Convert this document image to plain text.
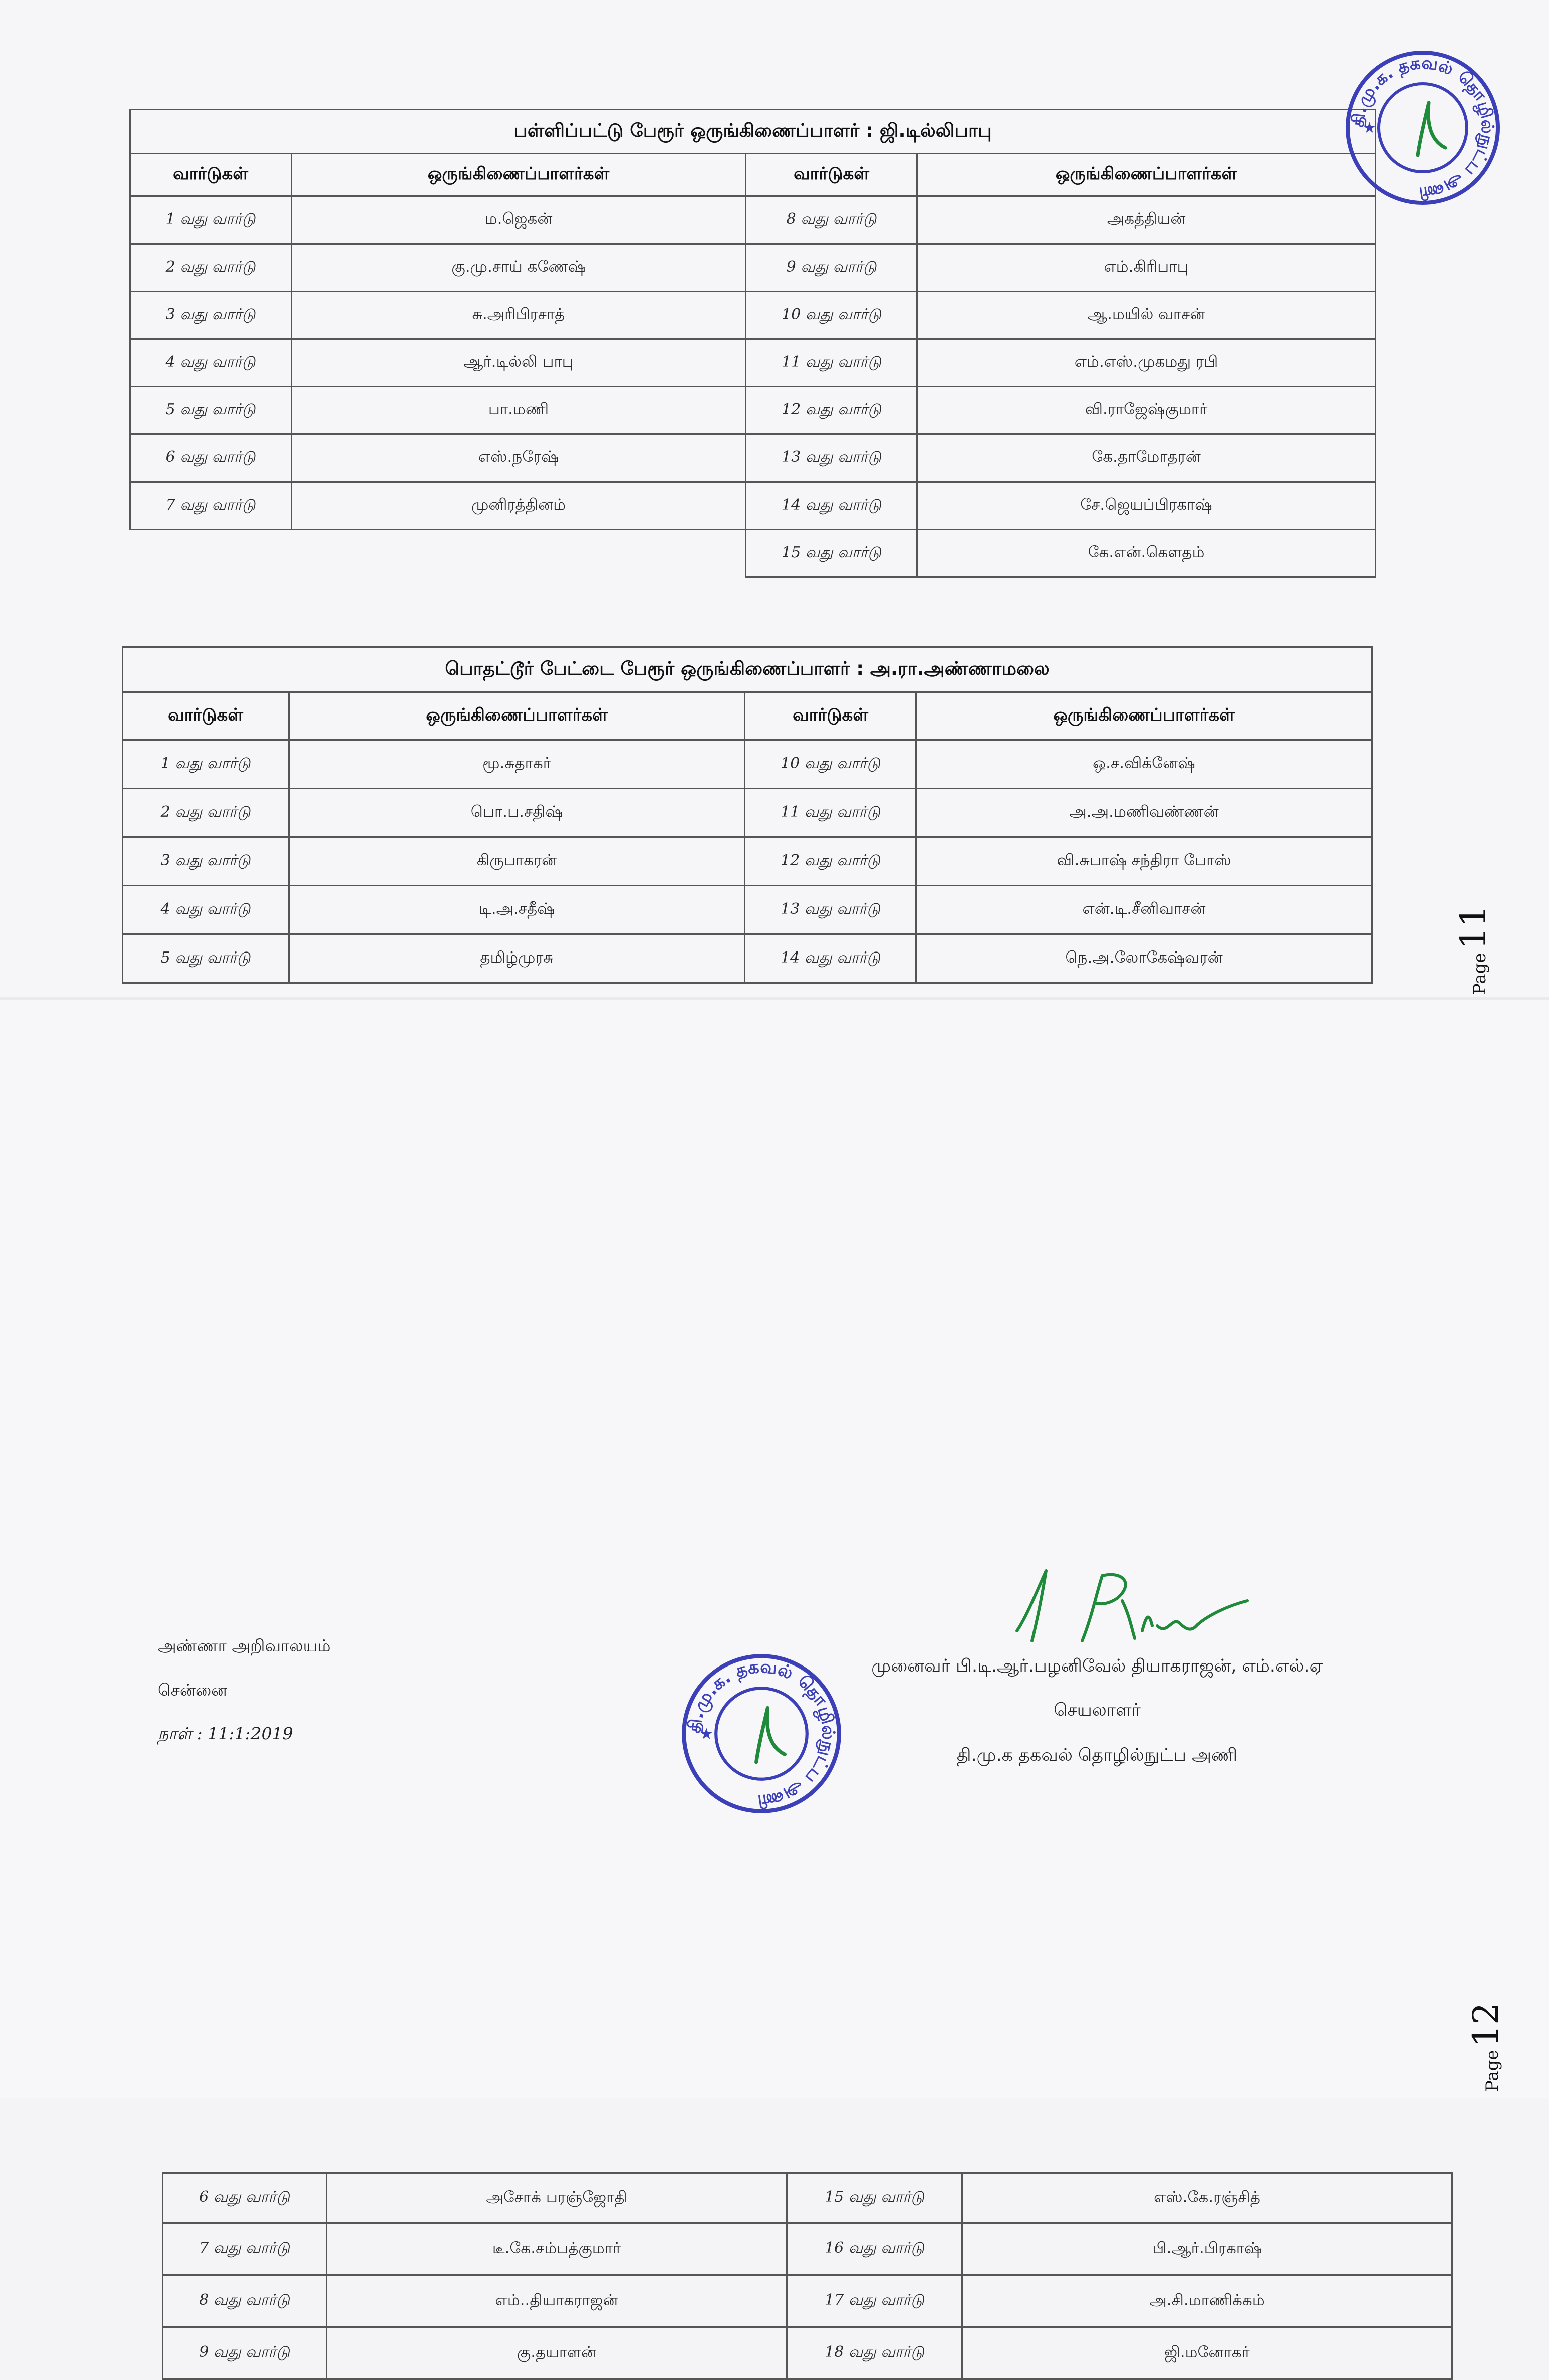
பள்ளிப்பட்டு பேரூர் ஒருங்கிணைப்பாளர் : ஜி.டில்லிபாபு			
வார்டுகள்	ஒருங்கிணைப்பாளர்கள்	வார்டுகள்	ஒருங்கிணைப்பாளர்கள்
1 வது வார்டு	ம.ஜெகன்	8 வது வார்டு	அகத்தியன்
2 வது வார்டு	கு.மு.சாய் கணேஷ்	9 வது வார்டு	எம்.கிரிபாபு
3 வது வார்டு	சு.அரிபிரசாத்	10 வது வார்டு	ஆ.மயில் வாசன்
4 வது வார்டு	ஆர்.டில்லி பாபு	11 வது வார்டு	எம்.எஸ்.முகமது ரபி
5 வது வார்டு	பா.மணி	12 வது வார்டு	வி.ராஜேஷ்குமார்
6 வது வார்டு	எஸ்.நரேஷ்	13 வது வார்டு	கே.தாமோதரன்
7 வது வார்டு	முனிரத்தினம்	14 வது வார்டு	சே.ஜெயப்பிரகாஷ்
		15 வது வார்டு	கே.என்.கௌதம்
பொதட்டூர் பேட்டை பேரூர் ஒருங்கிணைப்பாளர் : அ.ரா.அண்ணாமலை			
வார்டுகள்	ஒருங்கிணைப்பாளர்கள்	வார்டுகள்	ஒருங்கிணைப்பாளர்கள்
1 வது வார்டு	மூ.சுதாகர்	10 வது வார்டு	ஒ.ச.விக்னேஷ்
2 வது வார்டு	பொ.ப.சதிஷ்	11 வது வார்டு	அ.அ.மணிவண்ணன்
3 வது வார்டு	கிருபாகரன்	12 வது வார்டு	வி.சுபாஷ் சந்திரா போஸ்
4 வது வார்டு	டி.அ.சதீஷ்	13 வது வார்டு	என்.டி.சீனிவாசன்
5 வது வார்டு	தமிழ்முரசு	14 வது வார்டு	நெ.அ.லோகேஷ்வரன்
தி.மு.க. தகவல் தொழில்நுட்ப அணி
★
Page11
6 வது வார்டு	அசோக் பரஞ்ஜோதி	15 வது வார்டு	எஸ்.கே.ரஞ்சித்
7 வது வார்டு	டீ.கே.சம்பத்குமார்	16 வது வார்டு	பி.ஆர்.பிரகாஷ்
8 வது வார்டு	எம்..தியாகராஜன்	17 வது வார்டு	அ.சி.மாணிக்கம்
9 வது வார்டு	கு.தயாளன்	18 வது வார்டு	ஜி.மனோகர்
அண்ணா அறிவாலயம்
சென்னை
நாள் : 11:1:2019	தி.மு.க. தகவல் தொழில்நுட்ப அணி
★
முனைவர் பி.டி.ஆர்.பழனிவேல் தியாகராஜன், எம்.எல்.ஏ
செயலாளர்
தி.மு.க தகவல் தொழில்நுட்ப அணி
Page12
